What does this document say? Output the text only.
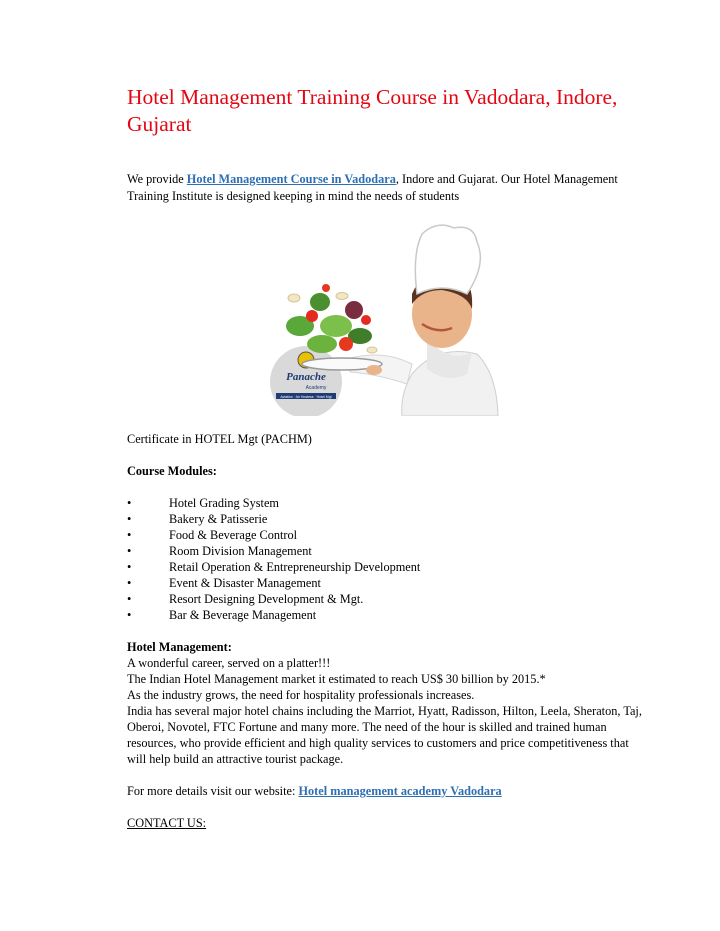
Hotel Management Training Course in Vadodara, Indore, Gujarat
We provide Hotel Management Course in Vadodara, Indore and Gujarat. Our Hotel Management Training Institute is designed keeping in mind the needs of students
Panache
Academy
Aviation · Air Hostess · Hotel Mgt
Certificate in HOTEL Mgt (PACHM)
Course Modules:
•	Hotel Grading System
•	Bakery & Patisserie
•	Food & Beverage Control
•	Room Division Management
•	Retail Operation & Entrepreneurship Development
•	Event & Disaster Management
•	Resort Designing Development & Mgt.
•	Bar & Beverage Management
Hotel Management:
A wonderful career, served on a platter!!!
The Indian Hotel Management market it estimated to reach US$ 30 billion by 2015.*
As the industry grows, the need for hospitality professionals increases.
India has several major hotel chains including the Marriot, Hyatt, Radisson, Hilton, Leela, Sheraton, Taj, Oberoi, Novotel, FTC Fortune and many more. The need of the hour is skilled and trained human resources, who provide efficient and high quality services to customers and price competitiveness that will help build an attractive tourist package.
For more details visit our website: Hotel management academy Vadodara
CONTACT US:
